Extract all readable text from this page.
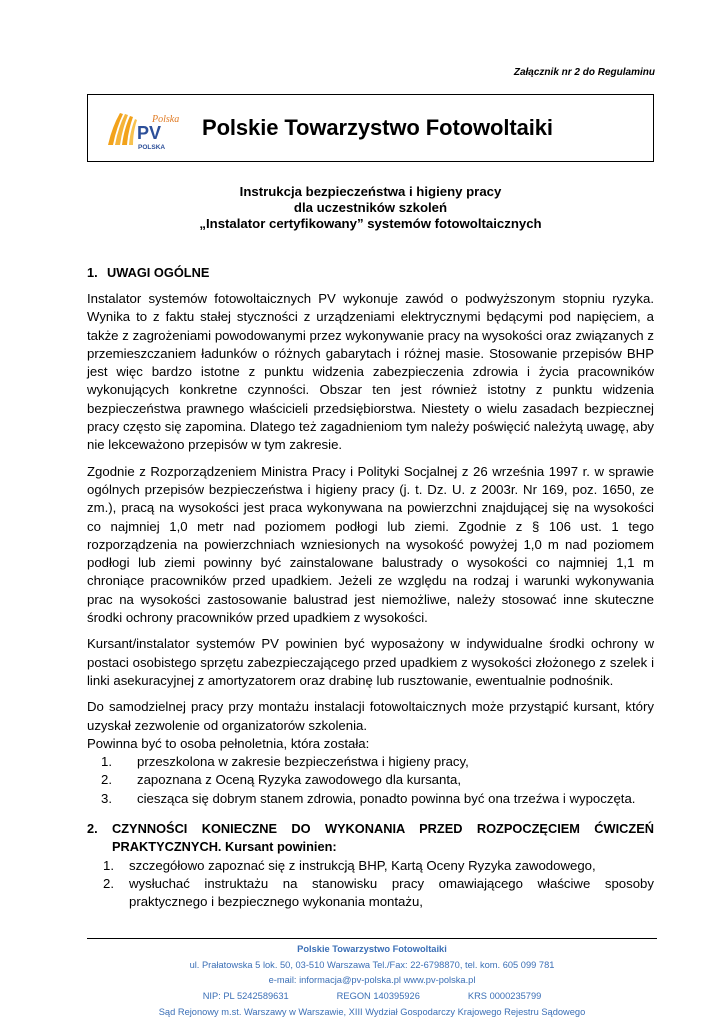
Załącznik nr 2 do Regulaminu
PV
Polska
POLSKA
Polskie Towarzystwo Fotowoltaiki
Instrukcja bezpieczeństwa i higieny pracy
dla uczestników szkoleń
„Instalator certyfikowany” systemów fotowoltaicznych
1. UWAGI OGÓLNE

Instalator systemów fotowoltaicznych PV wykonuje zawód o podwyższonym stopniu ryzyka. Wynika to z faktu stałej styczności z urządzeniami elektrycznymi będącymi pod napięciem, a także z zagrożeniami powodowanymi przez wykonywanie pracy na wysokości oraz związanych z przemieszczaniem ładunków o różnych gabarytach i różnej masie. Stosowanie przepisów BHP jest więc bardzo istotne z punktu widzenia zabezpieczenia zdrowia i życia pracowników wykonujących konkretne czynności. Obszar ten jest również istotny z punktu widzenia bezpieczeństwa prawnego właścicieli przedsiębiorstwa. Niestety o wielu zasadach bezpiecznej pracy często się zapomina. Dlatego też zagadnieniom tym należy poświęcić należytą uwagę, aby nie lekceważono przepisów w tym zakresie.

Zgodnie z Rozporządzeniem Ministra Pracy i Polityki Socjalnej z 26 września 1997 r. w sprawie ogólnych przepisów bezpieczeństwa i higieny pracy (j. t. Dz. U. z 2003r. Nr 169, poz. 1650, ze zm.), pracą na wysokości jest praca wykonywana na powierzchni znajdującej się na wysokości co najmniej 1,0 metr nad poziomem podłogi lub ziemi. Zgodnie z § 106 ust. 1 tego rozporządzenia na powierzchniach wzniesionych na wysokość powyżej 1,0 m nad poziomem podłogi lub ziemi powinny być zainstalowane balustrady o wysokości co najmniej 1,1 m chroniące pracowników przed upadkiem. Jeżeli ze względu na rodzaj i warunki wykonywania prac na wysokości zastosowanie balustrad jest niemożliwe, należy stosować inne skuteczne środki ochrony pracowników przed upadkiem z wysokości.

Kursant/instalator systemów PV powinien być wyposażony w indywidualne środki ochrony w postaci osobistego sprzętu zabezpieczającego przed upadkiem z wysokości złożonego z szelek i linki asekuracyjnej z amortyzatorem oraz drabinę lub rusztowanie, ewentualnie podnośnik.

Do samodzielnej pracy przy montażu instalacji fotowoltaicznych może przystąpić kursant, który uzyskał zezwolenie od organizatorów szkolenia.

Powinna być to osoba pełnoletnia, która została:

1. przeszkolona w zakresie bezpieczeństwa i higieny pracy,
2. zapoznana z Oceną Ryzyka zawodowego dla kursanta,
3. ciesząca się dobrym stanem zdrowia, ponadto powinna być ona trzeźwa i wypoczęta.
2. CZYNNOŚCI KONIECZNE DO WYKONANIA PRZED ROZPOCZĘCIEM ĆWICZEŃ PRAKTYCZNYCH. Kursant powinien:
1. szczegółowo zapoznać się z instrukcją BHP, Kartą Oceny Ryzyka zawodowego,
2. wysłuchać instruktażu na stanowisku pracy omawiającego właściwe sposoby praktycznego i bezpiecznego wykonania montażu,
Polskie Towarzystwo Fotowoltaiki
ul. Prałatowska 5 lok. 50, 03-510 Warszawa Tel./Fax: 22-6798870, tel. kom. 605 099 781
e-mail: informacja@pv-polska.pl www.pv-polska.pl
NIP: PL 5242589631	REGON 140395926	KRS 0000235799
Sąd Rejonowy m.st. Warszawy w Warszawie, XIII Wydział Gospodarczy Krajowego Rejestru Sądowego
